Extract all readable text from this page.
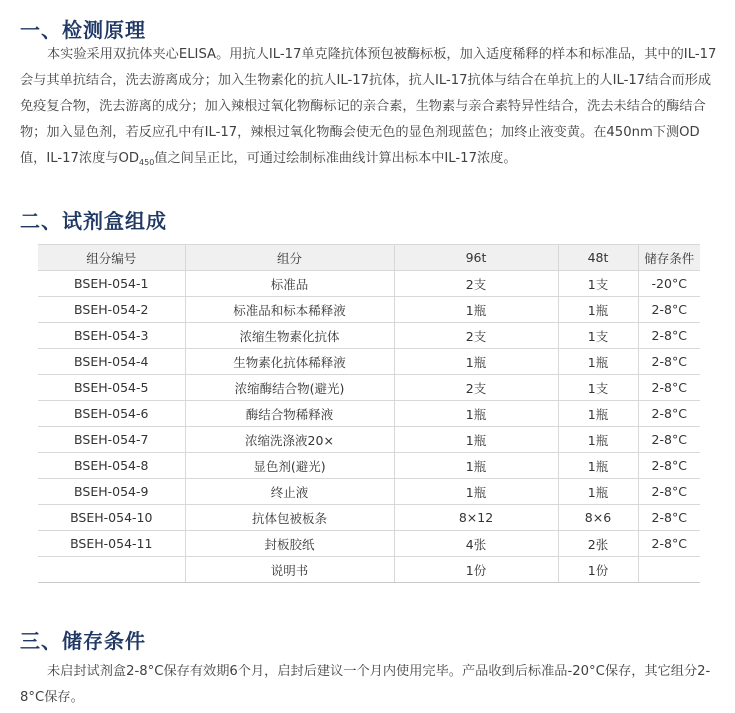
一、检测原理

本实验采用双抗体夹心ELISA。用抗人IL-17单克隆抗体预包被酶标板，加入适度稀释的样本和标准品，其中的IL-17会与其单抗结合，洗去游离成分；加入生物素化的抗人IL-17抗体，抗人IL-17抗体与结合在单抗上的人IL-17结合而形成免疫复合物，洗去游离的成分；加入辣根过氧化物酶标记的亲合素，生物素与亲合素特异性结合，洗去未结合的酶结合物；加入显色剂，若反应孔中有IL-17，辣根过氧化物酶会使无色的显色剂现蓝色；加终止液变黄。在450nm下测OD值，IL-17浓度与$OD_{450}$值之间呈正比，可通过绘制标准曲线计算出标本中IL-17浓度。

二、试剂盒组成
组分编号	组分	96t	48t	储存条件
BSEH-054-1	标准品	2支	1支	-20°C
BSEH-054-2	标准品和标本稀释液	1瓶	1瓶	2-8°C
BSEH-054-3	浓缩生物素化抗体	2支	1支	2-8°C
BSEH-054-4	生物素化抗体稀释液	1瓶	1瓶	2-8°C
BSEH-054-5	浓缩酶结合物(避光)	2支	1支	2-8°C
BSEH-054-6	酶结合物稀释液	1瓶	1瓶	2-8°C
BSEH-054-7	浓缩洗涤液20×	1瓶	1瓶	2-8°C
BSEH-054-8	显色剂(避光)	1瓶	1瓶	2-8°C
BSEH-054-9	终止液	1瓶	1瓶	2-8°C
BSEH-054-10	抗体包被板条	8×12	8×6	2-8°C
BSEH-054-11	封板胶纸	4张	2张	2-8°C
	说明书	1份	1份	
三、储存条件

未启封试剂盒2-8°C保存有效期6个月，启封后建议一个月内使用完毕。产品收到后标准品-20°C保存，其它组分2-8°C保存。
